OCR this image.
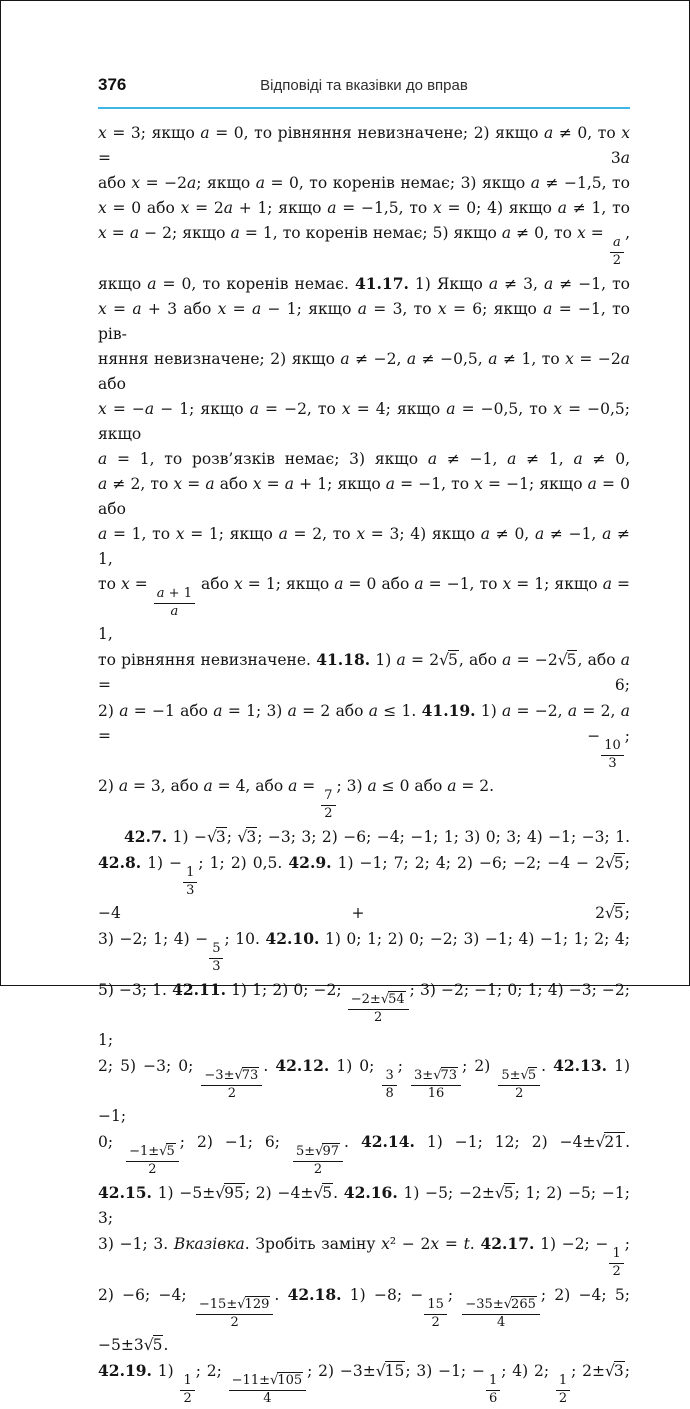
376	Відповіді та вказівки до вправ
x = 3; якщо a = 0, то рівняння невизначене; 2) якщо a ≠ 0, то x = 3a
або x = −2a; якщо a = 0, то коренів немає; 3) якщо a ≠ −1,5, то
x = 0 або x = 2a + 1; якщо a = −1,5, то x = 0; 4) якщо a ≠ 1, то
x = a − 2; якщо a = 1, то коренів немає; 5) якщо a ≠ 0, то x =
$\frac{a}{2}$
,
якщо a = 0, то коренів немає. 41.17. 1) Якщо a ≠ 3, a ≠ −1, то
x = a + 3 або x = a − 1; якщо a = 3, то x = 6; якщо a = −1, то рів-
няння невизначене; 2) якщо a ≠ −2, a ≠ −0,5, a ≠ 1, то x = −2a або
x = −a − 1; якщо a = −2, то x = 4; якщо a = −0,5, то x = −0,5; якщо
a = 1, то розв’язків немає; 3) якщо a ≠ −1, a ≠ 1, a ≠ 0,
a ≠ 2, то x = a або x = a + 1; якщо a = −1, то x = −1; якщо a = 0 або
a = 1, то x = 1; якщо a = 2, то x = 3; 4) якщо a ≠ 0, a ≠ −1, a ≠ 1,
то x =
$\frac{a + 1}{a}$
або x = 1; якщо a = 0 або a = −1, то x = 1; якщо a = 1,
то рівняння невизначене. 41.18. 1) a = 2√5, або a = −2√5, або a = 6;
2) a = −1 або a = 1; 3) a = 2 або a ≤ 1. 41.19. 1) a = −2, a = 2, a = −
$\frac{10}{3}$
;
2) a = 3, або a = 4, або a =
$\frac{7}{2}$
; 3) a ≤ 0 або a = 2.
42.7. 1) −√3; √3; −3; 3; 2) −6; −4; −1; 1; 3) 0; 3; 4) −1; −3; 1.
42.8. 1) −
$\frac{1}{3}$
; 1; 2) 0,5. 42.9. 1) −1; 7; 2; 4; 2) −6; −2; −4 − 2√5; −4 + 2√5;
3) −2; 1; 4) −
$\frac{5}{3}$
; 10. 42.10. 1) 0; 1; 2) 0; −2; 3) −1; 4) −1; 1; 2; 4;
5) −3; 1. 42.11. 1) 1; 2) 0; −2;
$\frac{-2\pm√54}{2}$
; 3) −2; −1; 0; 1; 4) −3; −2; 1;
2; 5) −3; 0;
$\frac{-3\pm√73}{2}$
. 42.12. 1) 0;
$\frac{3}{8}$
;
$\frac{3\pm√73}{16}$
; 2)
$\frac{5\pm√5}{2}$
. 42.13. 1) −1;
0;
$\frac{-1\pm√5}{2}$
; 2) −1; 6;
$\frac{5\pm√97}{2}$
. 42.14. 1) −1; 12; 2) −4±√21.
42.15. 1) −5±√95; 2) −4±√5. 42.16. 1) −5; −2±√5; 1; 2) −5; −1; 3;
3) −1; 3. Вказівка. Зробіть заміну x² − 2x = t. 42.17. 1) −2; −
$\frac{1}{2}$
;
2) −6; −4;
$\frac{-15\pm√129}{2}$
. 42.18. 1) −8; −
$\frac{15}{2}$
;
$\frac{-35\pm√265}{4}$
; 2) −4; 5; −5±3√5.
42.19. 1)
$\frac{1}{2}$
; 2;
$\frac{-11\pm√105}{4}$
; 2) −3±√15; 3) −1; −
$\frac{1}{6}$
; 4) 2;
$\frac{1}{2}$
; 2±√3;
